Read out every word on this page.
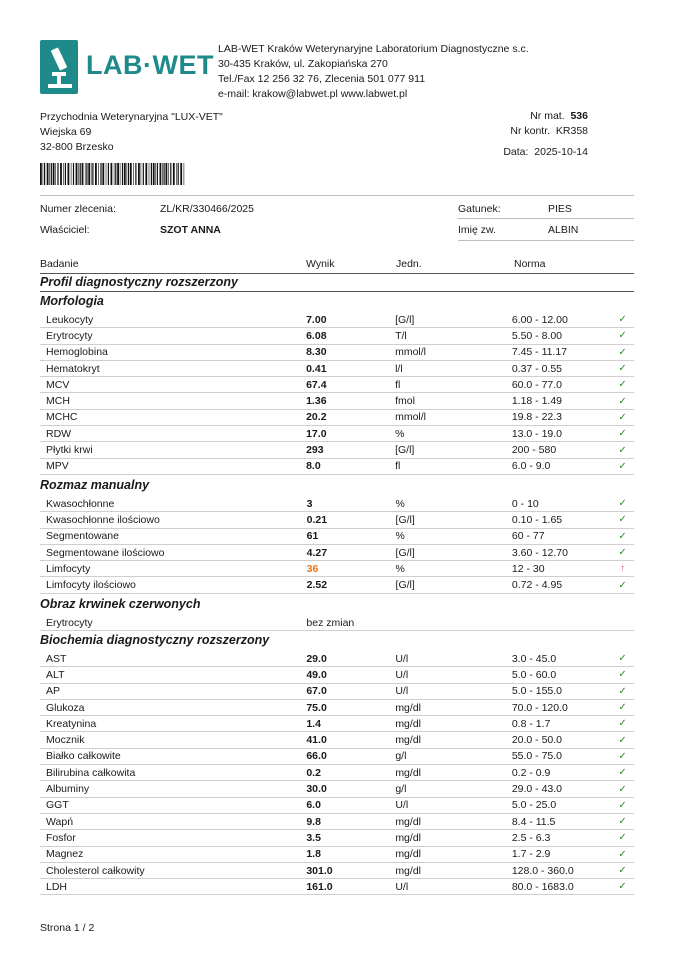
LAB·WET
LAB-WET Kraków Weterynaryjne Laboratorium Diagnostyczne s.c.
30-435 Kraków, ul. Zakopiańska 270
Tel./Fax 12 256 32 76, Zlecenia 501 077 911
e-mail: krakow@labwet.pl www.labwet.pl
Przychodnia Weterynaryjna "LUX-VET"
Wiejska 69
32-800 Brzesko
Nr mat. 536
Nr kontr. KR358
Data: 2025-10-14
Numer zlecenia:	ZL/KR/330466/2025	Gatunek:	PIES
Właściciel:	SZOT ANNA	Imię zw.	ALBIN
Badanie	Wynik	Jedn.	Norma
Profil diagnostyczny rozszerzony
Morfologia
Leukocyty	7.00	[G/l]	6.00 - 12.00	✓
Erytrocyty	6.08	T/l	5.50 - 8.00	✓
Hemoglobina	8.30	mmol/l	7.45 - 11.17	✓
Hematokryt	0.41	l/l	0.37 - 0.55	✓
MCV	67.4	fl	60.0 - 77.0	✓
MCH	1.36	fmol	1.18 - 1.49	✓
MCHC	20.2	mmol/l	19.8 - 22.3	✓
RDW	17.0	%	13.0 - 19.0	✓
Płytki krwi	293	[G/l]	200 - 580	✓
MPV	8.0	fl	6.0 - 9.0	✓
Rozmaz manualny
Kwasochłonne	3	%	0 - 10	✓
Kwasochłonne ilościowo	0.21	[G/l]	0.10 - 1.65	✓
Segmentowane	61	%	60 - 77	✓
Segmentowane ilościowo	4.27	[G/l]	3.60 - 12.70	✓
Limfocyty	36	%	12 - 30	↑
Limfocyty ilościowo	2.52	[G/l]	0.72 - 4.95	✓
Obraz krwinek czerwonych
Erytrocyty	bez zmian			
Biochemia diagnostyczny rozszerzony
AST	29.0	U/l	3.0 - 45.0	✓
ALT	49.0	U/l	5.0 - 60.0	✓
AP	67.0	U/l	5.0 - 155.0	✓
Glukoza	75.0	mg/dl	70.0 - 120.0	✓
Kreatynina	1.4	mg/dl	0.8 - 1.7	✓
Mocznik	41.0	mg/dl	20.0 - 50.0	✓
Białko całkowite	66.0	g/l	55.0 - 75.0	✓
Bilirubina całkowita	0.2	mg/dl	0.2 - 0.9	✓
Albuminy	30.0	g/l	29.0 - 43.0	✓
GGT	6.0	U/l	5.0 - 25.0	✓
Wapń	9.8	mg/dl	8.4 - 11.5	✓
Fosfor	3.5	mg/dl	2.5 - 6.3	✓
Magnez	1.8	mg/dl	1.7 - 2.9	✓
Cholesterol całkowity	301.0	mg/dl	128.0 - 360.0	✓
LDH	161.0	U/l	80.0 - 1683.0	✓
Strona 1 / 2
